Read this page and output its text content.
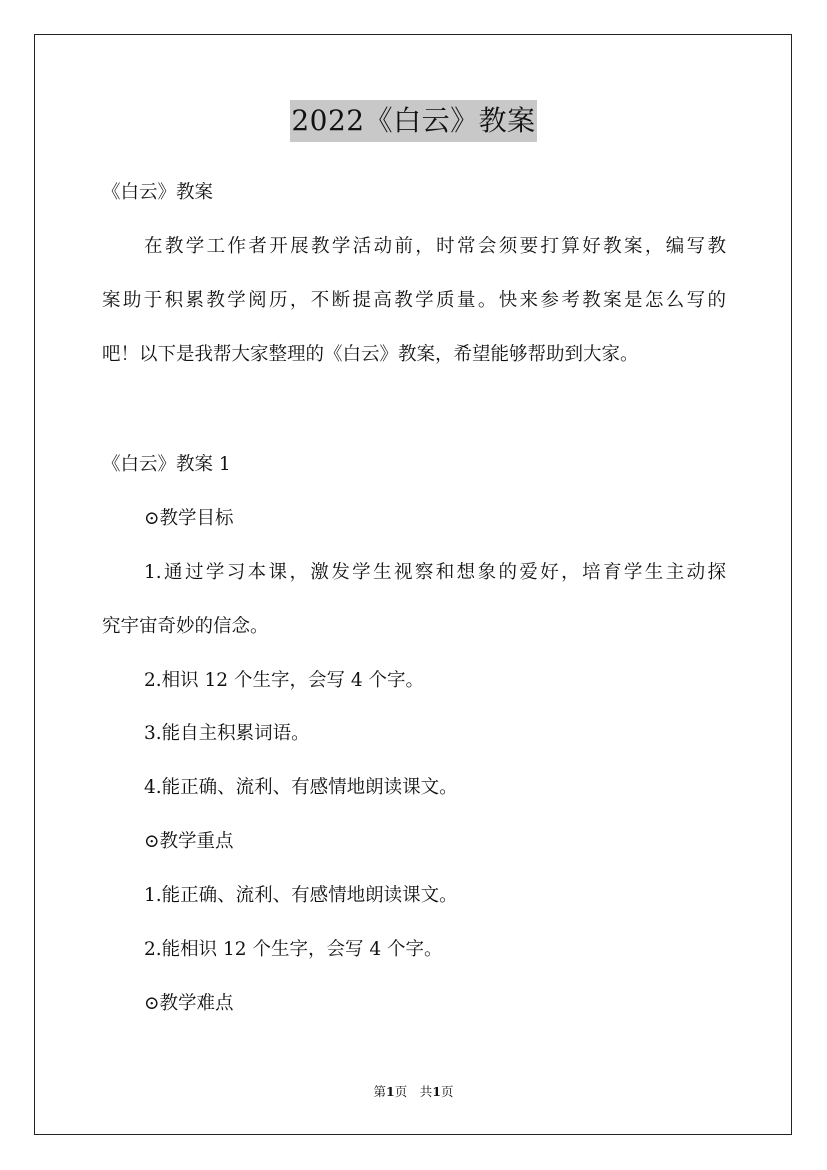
2022《白云》教案
《白云》教案
在教学工作者开展教学活动前，时常会须要打算好教案，编写教
案助于积累教学阅历，不断提高教学质量。快来参考教案是怎么写的
吧！以下是我帮大家整理的《白云》教案，希望能够帮助到大家。
《白云》教案 1
⊙教学目标
1.通过学习本课，激发学生视察和想象的爱好，培育学生主动探
究宇宙奇妙的信念。
2.相识 12 个生字，会写 4 个字。
3.能自主积累词语。
4.能正确、流利、有感情地朗读课文。
⊙教学重点
1.能正确、流利、有感情地朗读课文。
2.能相识 12 个生字，会写 4 个字。
⊙教学难点
第1页　共1页
